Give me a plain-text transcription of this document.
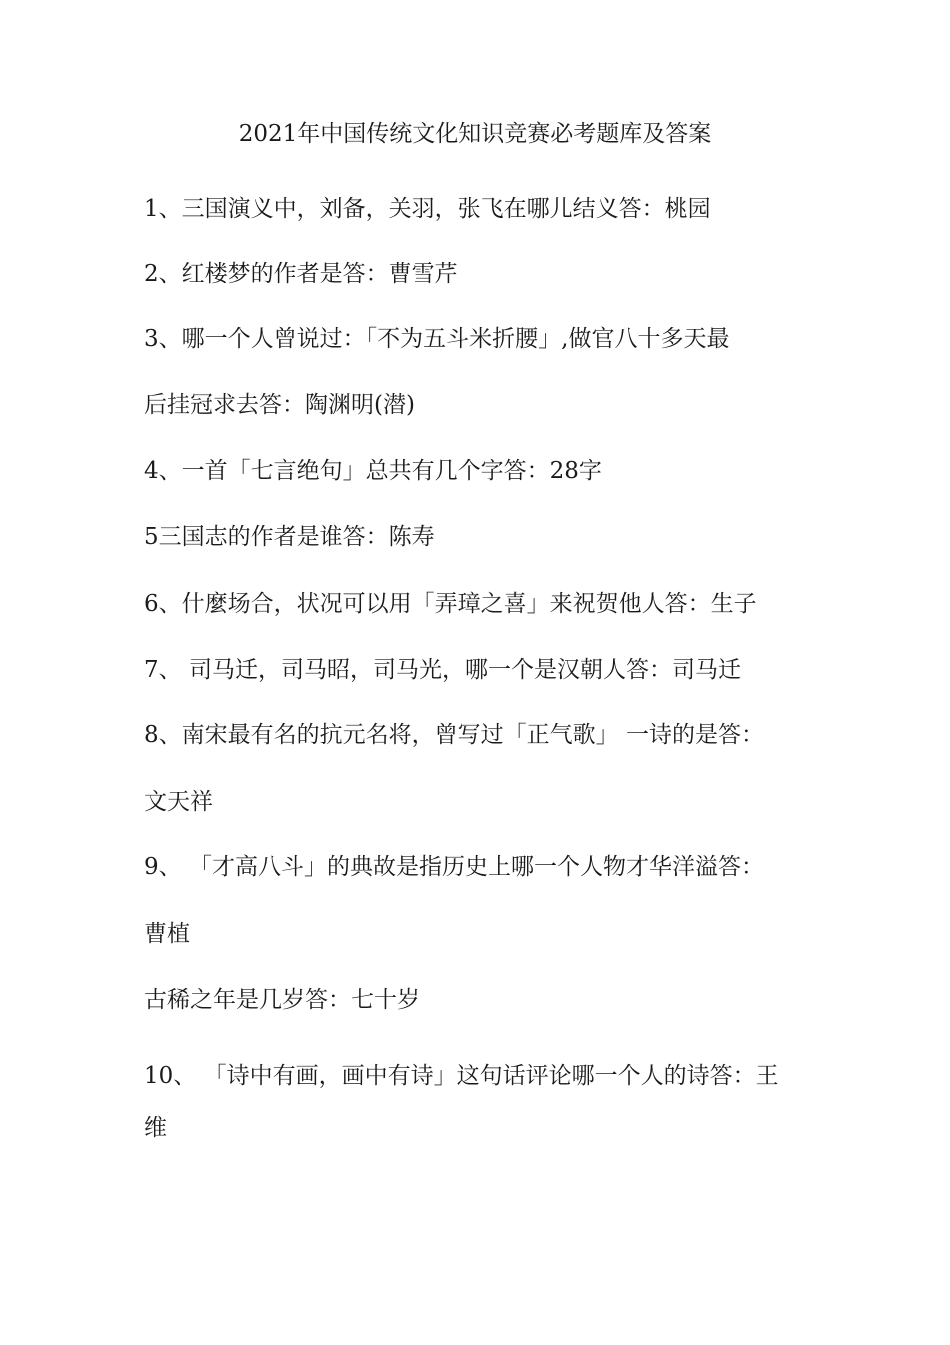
2021年中国传统文化知识竞赛必考题库及答案
1、三国演义中，刘备，关羽，张飞在哪儿结义答：桃园
2、红楼梦的作者是答：曹雪芹
3、哪一个人曾说过：「不为五斗米折腰」,做官八十多天最
后挂冠求去答：陶渊明(潜)
4、一首「七言绝句」总共有几个字答：28字
5三国志的作者是谁答：陈寿
6、什麼场合，状况可以用「弄璋之喜」来祝贺他人答：生子
7、 司马迁，司马昭，司马光，哪一个是汉朝人答：司马迁
8、南宋最有名的抗元名将，曾写过「正气歌」 一诗的是答：
文天祥
9、 「才高八斗」的典故是指历史上哪一个人物才华洋溢答：
曹植
古稀之年是几岁答：七十岁
10、 「诗中有画，画中有诗」这句话评论哪一个人的诗答：王
维
